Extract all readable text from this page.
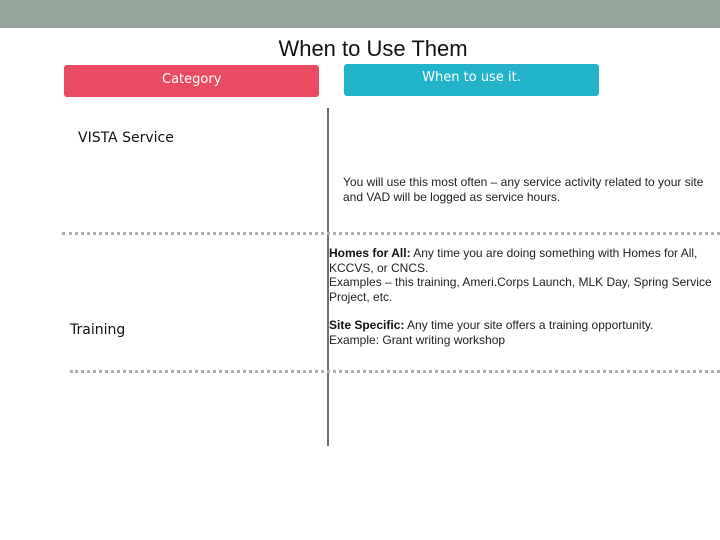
When to Use Them
Category	When to use it.
VISTA Service
You will use this most often – any service activity related to your site and VAD will be logged as service hours.
Training
Homes for All: Any time you are doing something with Homes for All, KCCVS, or CNCS.
Examples – this training, Ameri.Corps Launch, MLK Day, Spring Service Project, etc.
Site Specific: Any time your site offers a training opportunity.
Example: Grant writing workshop
